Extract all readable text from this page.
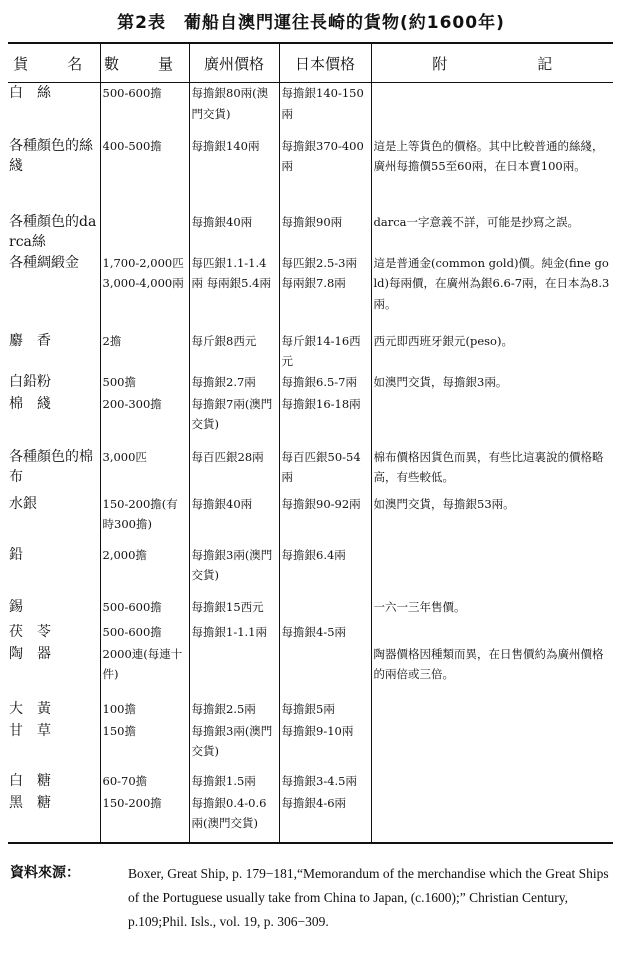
第2表　葡船自澳門運往長崎的貨物(約1600年)
貨　名	數　量	廣州價格	日本價格	附 記
白　絲	500-600擔	每擔銀80兩(澳門交貨)	每擔銀140-150兩	
各種顏色的絲綫	400-500擔	每擔銀140兩	每擔銀370-400兩	這是上等貨色的價格。其中比較普通的絲綫，廣州每擔價55至60兩，在日本賣100兩。
各種顏色的darca絲		每擔銀40兩	每擔銀90兩	darca一字意義不詳，可能是抄寫之誤。
各種綢緞金	1,700-2,000匹 3,000-4,000兩	每匹銀1.1-1.4兩 每兩銀5.4兩	每匹銀2.5-3兩 每兩銀7.8兩	這是普通金(common gold)價。純金(fine gold)每兩價，在廣州為銀6.6-7兩，在日本為8.3兩。
麝　香	2擔	每斤銀8西元	每斤銀14-16西元	西元即西班牙銀元(peso)。
白鉛粉	500擔	每擔銀2.7兩	每擔銀6.5-7兩	如澳門交貨，每擔銀3兩。
棉　綫	200-300擔	每擔銀7兩(澳門交貨)	每擔銀16-18兩	
各種顏色的棉布	3,000匹	每百匹銀28兩	每百匹銀50-54兩	棉布價格因貨色而異，有些比這裏說的價格略高，有些較低。
水銀	150-200擔(有時300擔)	每擔銀40兩	每擔銀90-92兩	如澳門交貨，每擔銀53兩。
鉛	2,000擔	每擔銀3兩(澳門交貨)	每擔銀6.4兩	
錫	500-600擔	每擔銀15西元		一六一三年售價。
茯　苓	500-600擔	每擔銀1-1.1兩	每擔銀4-5兩	
陶　器	2000連(每連十件)			陶器價格因種類而異，在日售價約為廣州價格的兩倍或三倍。
大　黃	100擔	每擔銀2.5兩	每擔銀5兩	
甘　草	150擔	每擔銀3兩(澳門交貨)	每擔銀9-10兩	
白　糖	60-70擔	每擔銀1.5兩	每擔銀3-4.5兩	
黑　糖	150-200擔	每擔銀0.4-0.6兩(澳門交貨)	每擔銀4-6兩	
資料來源：	Boxer, Great Ship, p. 179−181,“Memorandum of the merchandise which the Great Ships of the Portuguese usually take from China to Japan, (c.1600);” Christian Century, p.109;Phil. Isls., vol. 19, p. 306−309.
